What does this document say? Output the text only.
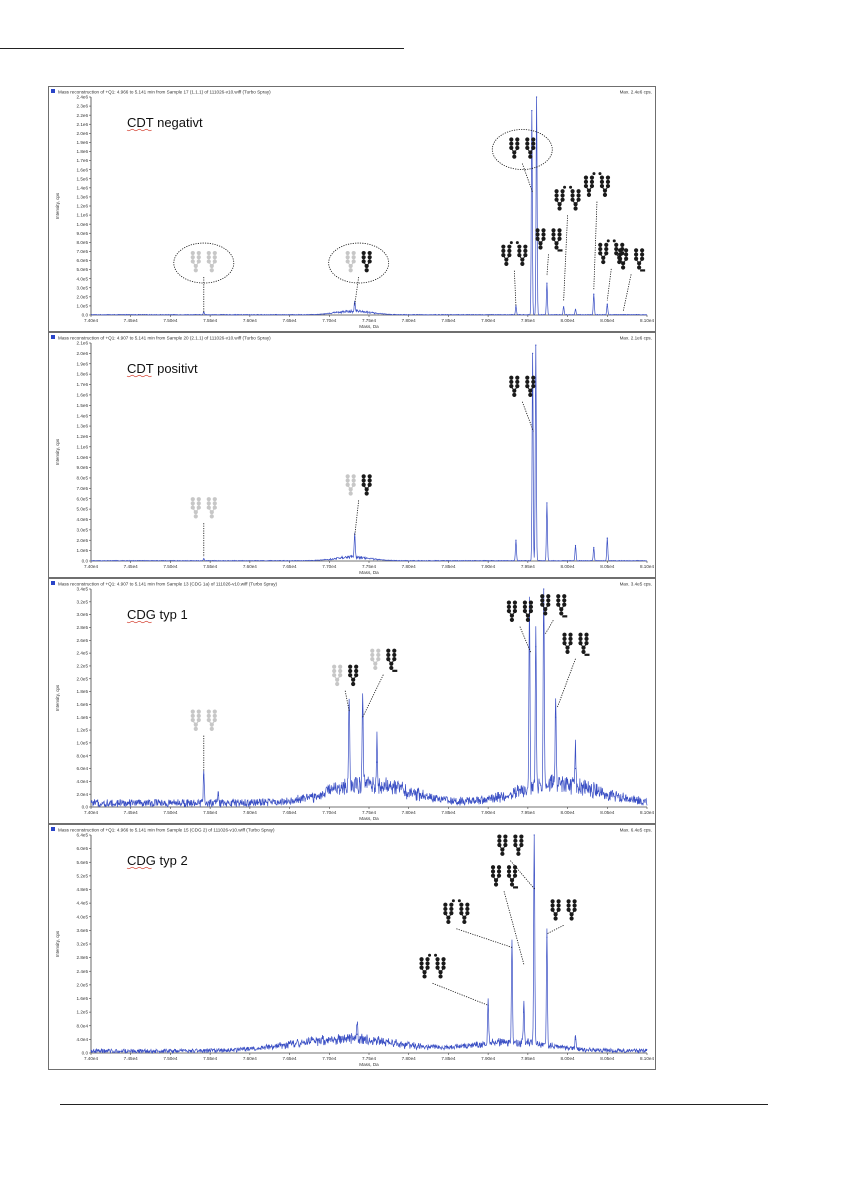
Mass reconstruction of +Q1: 4.966 to 5.141 min from Sample 17 (1.1.1) of 111026-v10.wiff (Turbo Spray)	Max. 2.4e6 cps.
0.0
1.0e5
2.0e5
3.0e5
4.0e5
5.0e5
6.0e5
7.0e5
8.0e5
9.0e5
1.0e6
1.1e6
1.2e6
1.3e6
1.4e6
1.5e6
1.6e6
1.7e6
1.8e6
1.9e6
2.0e6
2.1e6
2.2e6
2.3e6
2.4e6
7.40e4	7.45e4	7.50e4	7.55e4	7.60e4	7.65e4	7.70e4	7.75e4	7.80e4	7.85e4	7.90e4	7.95e4	8.00e4	8.05e4	8.10e4
Mass, Da
Intensity, cps
CDT negativt
Mass reconstruction of +Q1: 4.907 to 5.141 min from Sample 20 (2.1.1) of 111026-v10.wiff (Turbo Spray)	Max. 2.1e6 cps.
0.0
1.0e5
2.0e5
3.0e5
4.0e5
5.0e5
6.0e5
7.0e5
8.0e5
9.0e5
1.0e6
1.1e6
1.2e6
1.3e6
1.4e6
1.5e6
1.6e6
1.7e6
1.8e6
1.9e6
2.0e6
2.1e6
7.40e4	7.45e4	7.50e4	7.55e4	7.60e4	7.65e4	7.70e4	7.75e4	7.80e4	7.85e4	7.90e4	7.95e4	8.00e4	8.05e4	8.10e4
Mass, Da
Intensity, cps
CDT positivt
Mass reconstruction of +Q1: 4.907 to 5.141 min from Sample 13 (CDG 1a) of 111026-v10.wiff (Turbo Spray)	Max. 3.4e5 cps.
0.0
2.0e4
4.0e4
6.0e4
8.0e4
1.0e5
1.2e5
1.4e5
1.6e5
1.8e5
2.0e5
2.2e5
2.4e5
2.6e5
2.8e5
3.0e5
3.2e5
3.4e5
7.40e4	7.45e4	7.50e4	7.55e4	7.60e4	7.65e4	7.70e4	7.75e4	7.80e4	7.85e4	7.90e4	7.95e4	8.00e4	8.05e4	8.10e4
Mass, Da
Intensity, cps
CDG typ 1
Mass reconstruction of +Q1: 4.966 to 5.141 min from Sample 15 (CDG 2) of 111026-v10.wiff (Turbo Spray)	Max. 6.4e5 cps.
0.0
4.0e4
8.0e4
1.2e5
1.6e5
2.0e5
2.4e5
2.8e5
3.2e5
3.6e5
4.0e5
4.4e5
4.8e5
5.2e5
5.6e5
6.0e5
6.4e5
7.40e4	7.45e4	7.50e4	7.55e4	7.60e4	7.65e4	7.70e4	7.75e4	7.80e4	7.85e4	7.90e4	7.95e4	8.00e4	8.05e4	8.10e4
Mass, Da
Intensity, cps
CDG typ 2
